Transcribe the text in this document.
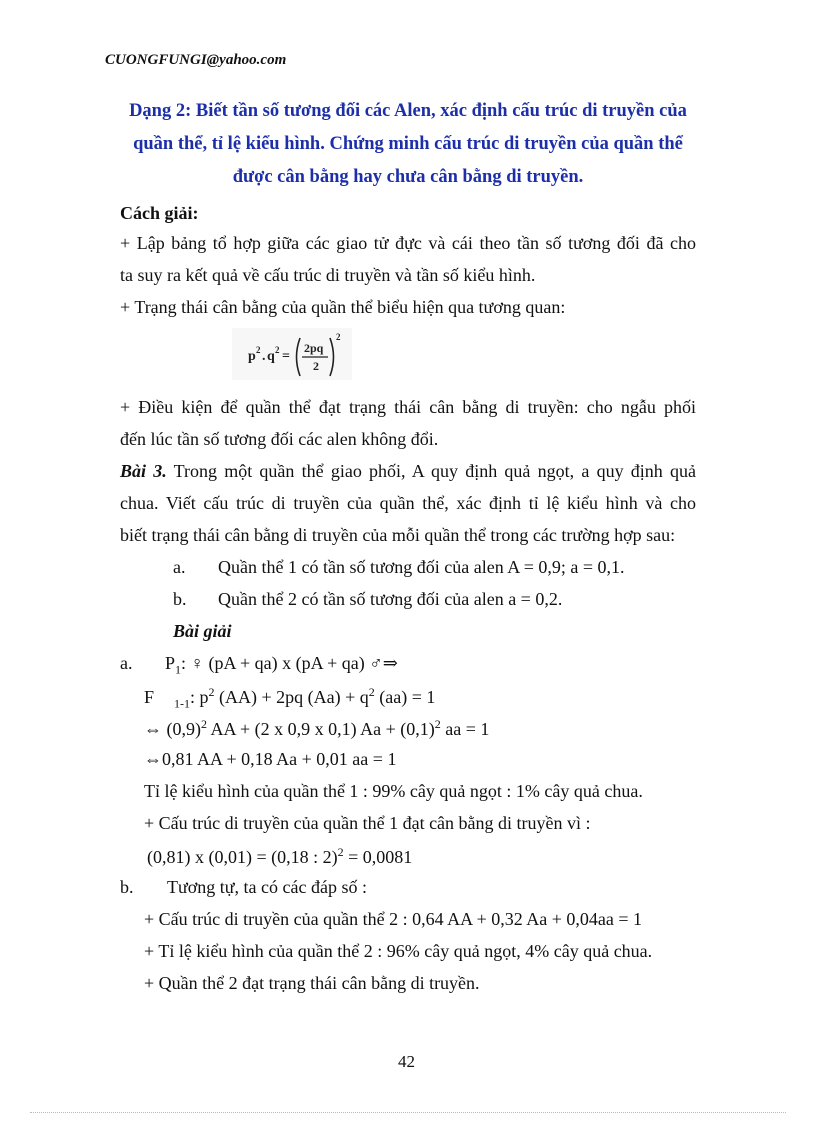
CUONGFUNGI@yahoo.com
Dạng 2: Biết tần số tương đối các Alen, xác định cấu trúc di truyền của
quần thể, tỉ lệ kiểu hình. Chứng minh cấu trúc di truyền của quần thể
được cân bằng hay chưa cân bằng di truyền.
Cách giải:
+ Lập bảng tổ hợp giữa các giao tử đực và cái theo tần số tương đối đã cho
ta suy ra kết quả về cấu trúc di truyền và tần số kiểu hình.
+ Trạng thái cân bằng của quần thể biểu hiện qua tương quan:
p 2 . q 2 =
2pq
2
2
+ Điều kiện để quần thể đạt trạng thái cân bằng di truyền: cho ngẫu phối
đến lúc tần số tương đối các alen không đổi.
Bài 3. Trong một quần thể giao phối, A quy định quả ngọt, a quy định quả
chua. Viết cấu trúc di truyền của quần thể, xác định tỉ lệ kiểu hình và cho
biết trạng thái cân bằng di truyền của mỗi quần thể trong các trường hợp sau:
a. Quần thể 1 có tần số tương đối của alen A = 0,9; a = 0,1.
b. Quần thể 2 có tần số tương đối của alen a = 0,2.
Bài giải
a. $P_1$: ♀ (pA + qa) x (pA + qa) ♂⇒
F $_{1-1}$: $p^2$ (AA) + 2pq $(Aa) + q^2$ (aa) = 1
⇔ $(0,9)^2$ AA + (2 x 0,9 x 0,1) $Aa + (0,1)^2$ aa = 1
⇔0,81 AA + 0,18 Aa + 0,01 aa = 1
Tỉ lệ kiểu hình của quần thể 1 : 99% cây quả ngọt : 1% cây quả chua.
+ Cấu trúc di truyền của quần thể 1 đạt cân bằng di truyền vì :
(0,81) x (0,01) = (0,18 : 2)$^2$ = 0,0081
b. Tương tự, ta có các đáp số :
+ Cấu trúc di truyền của quần thể 2 : 0,64 AA + 0,32 Aa + 0,04aa = 1
+ Tỉ lệ kiểu hình của quần thể 2 : 96% cây quả ngọt, 4% cây quả chua.
+ Quần thể 2 đạt trạng thái cân bằng di truyền.
42
